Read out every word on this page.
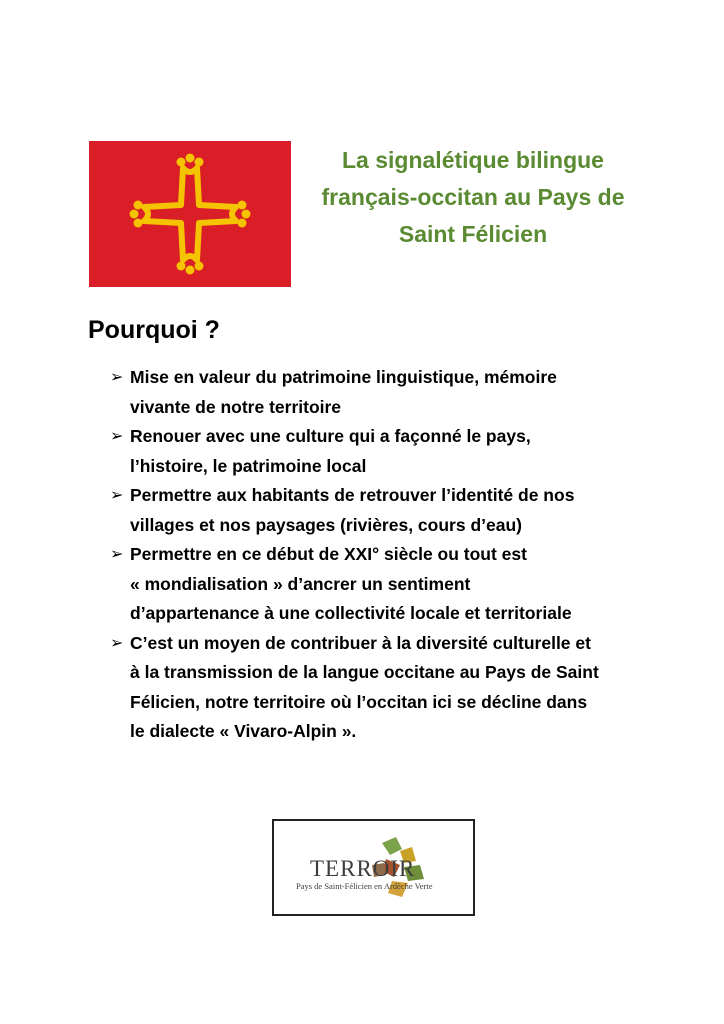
La signalétique bilingue
français-occitan au Pays de
Saint Félicien
Pourquoi ?
➢ Mise en valeur du patrimoine linguistique, mémoire
vivante de notre territoire
➢ Renouer avec une culture qui a façonné le pays,
l’histoire, le patrimoine local
➢ Permettre aux habitants de retrouver l’identité de nos
villages et nos paysages (rivières, cours d’eau)
➢ Permettre en ce début de XXI° siècle ou tout est
« mondialisation » d’ancrer un sentiment
d’appartenance à une collectivité locale et territoriale
➢ C’est un moyen de contribuer à la diversité culturelle et
à la transmission de la langue occitane au Pays de Saint
Félicien, notre territoire où l’occitan ici se décline dans
le dialecte « Vivaro-Alpin ».
TERROIR
Pays de Saint-Félicien en Ardèche Verte
